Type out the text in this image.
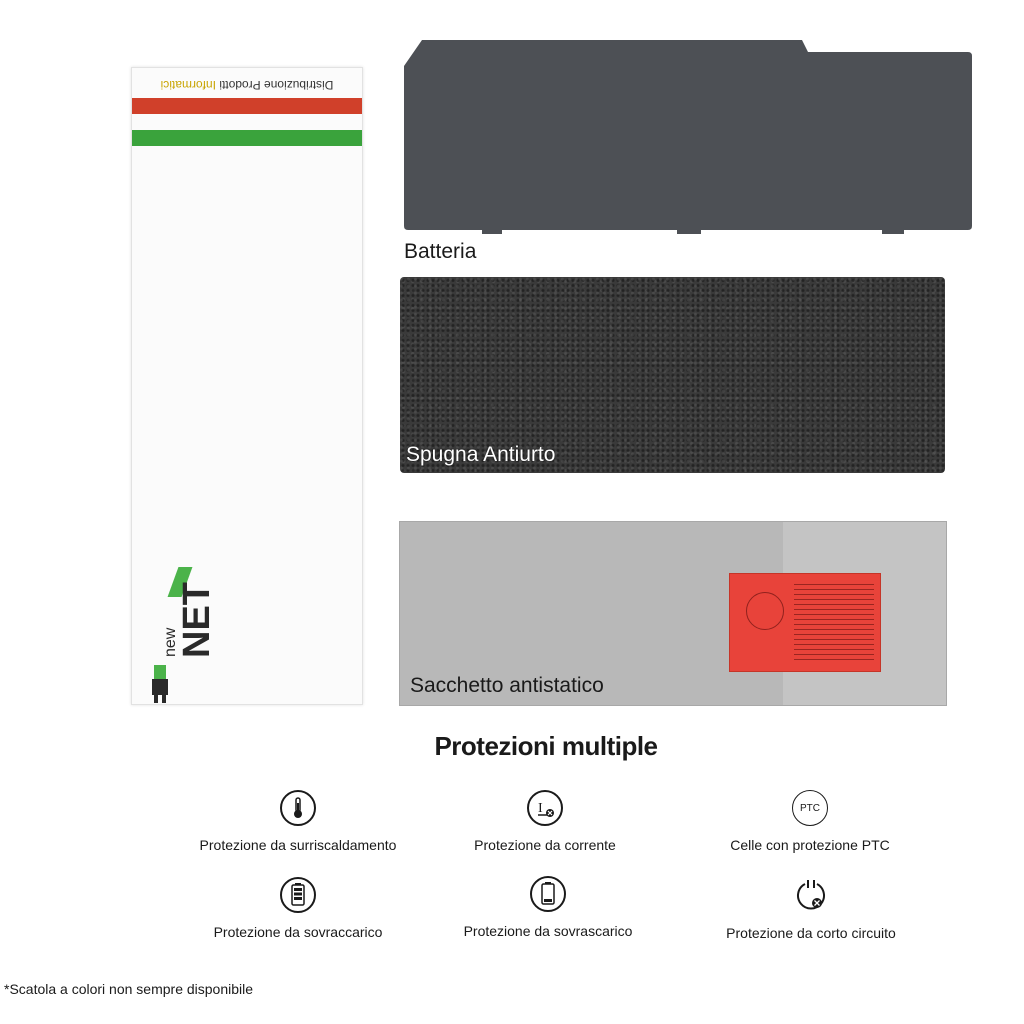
Distribuzione Prodotti Informatici
new
NET
Batteria
Spugna Antiurto
Sacchetto antistatico
Protezioni multiple
Protezione da surriscaldamento
I
Protezione da corrente
PTC
Celle con protezione PTC
Protezione da sovraccarico	Protezione da sovrascarico	Protezione da corto circuito
*Scatola a colori non sempre disponibile
